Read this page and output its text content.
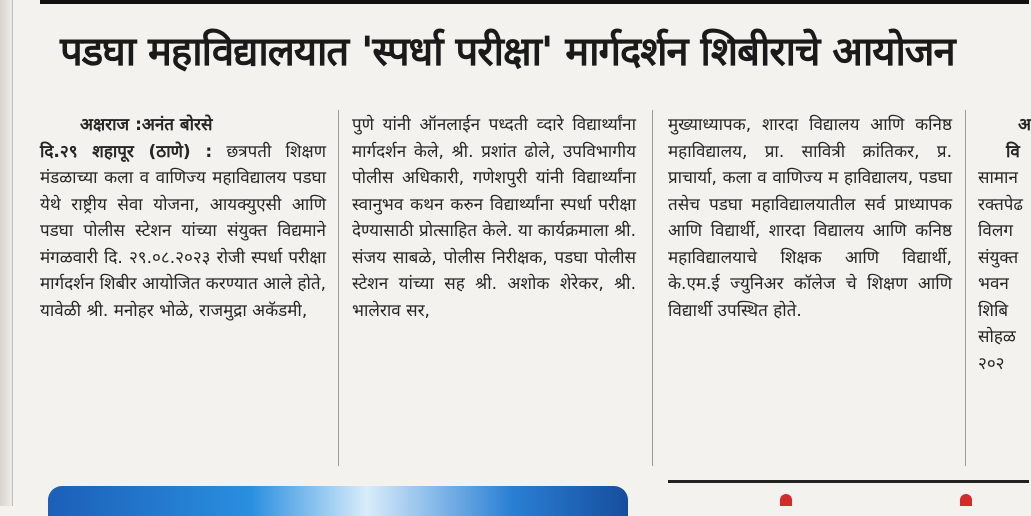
पडघा महाविद्यालयात 'स्पर्धा परीक्षा' मार्गदर्शन शिबीराचे आयोजन

अक्षराज :अनंत बोरसे

दि.२९ शहापूर (ठाणे) : छत्रपती शिक्षण मंडळाच्या कला व वाणिज्य महाविद्यालय पडघा येथे राष्ट्रीय सेवा योजना, आयक्युएसी आणि पडघा पोलीस स्टेशन यांच्या संयुक्त विद्यमाने मंगळवारी दि. २९.०८.२०२३ रोजी स्पर्धा परीक्षा मार्गदर्शन शिबीर आयोजित करण्यात आले होते, यावेळी श्री. मनोहर भोळे, राजमुद्रा अकॅडमी,

पुणे यांनी ऑनलाईन पध्दती व्दारे विद्यार्थ्यांना मार्गदर्शन केले, श्री. प्रशांत ढोले, उपविभागीय पोलीस अधिकारी, गणेशपुरी यांनी विद्यार्थ्यांना स्वानुभव कथन करुन विद्यार्थ्यांना स्पर्धा परीक्षा देण्यासाठी प्रोत्साहित केले. या कार्यक्रमाला श्री. संजय साबळे, पोलीस निरीक्षक, पडघा पोलीस स्टेशन यांच्या सह श्री. अशोक शेरेकर, श्री. भालेराव सर,

मुख्याध्यापक, शारदा विद्यालय आणि कनिष्ठ महाविद्यालय, प्रा. सावित्री क्रांतिकर, प्र. प्राचार्या, कला व वाणिज्य म हाविद्यालय, पडघा तसेच पडघा महाविद्यालयातील सर्व प्राध्यापक आणि विद्यार्थी, शारदा विद्यालय आणि कनिष्ठ महाविद्यालयाचे शिक्षक आणि विद्यार्थी, के.एम.ई ज्युनिअर कॉलेज चे शिक्षण आणि विद्यार्थी उपस्थित होते.

अ
वि
सामान
रक्तपेढ
विलग
संयुक्त
भवन
शिबि
सोहळ
२०२
